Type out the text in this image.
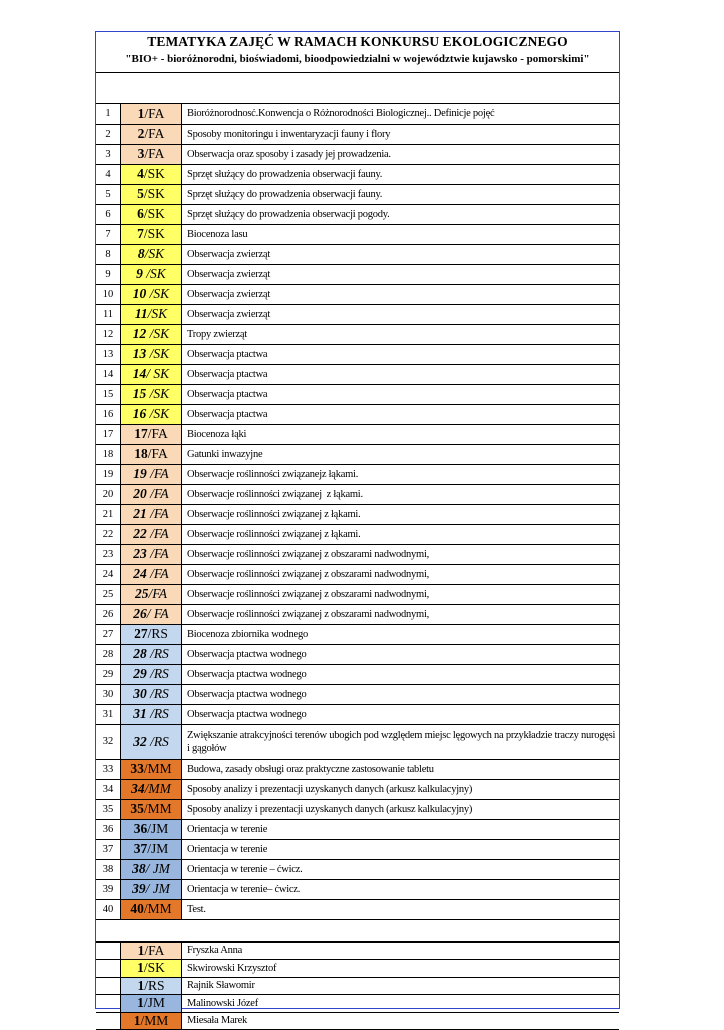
TEMATYKA ZAJĘĆ W RAMACH KONKURSU EKOLOGICZNEGO
"BIO+ - bioróżnorodni, bioświadomi, bioodpowiedzialni w województwie kujawsko - pomorskimi"
1	1/FA	Bioróżnorodnosć.Konwencja o Różnorodności Biologicznej.. Definicje pojęć
2	2/FA	Sposoby monitoringu i inwentaryzacji fauny i flory
3	3/FA	Obserwacja oraz sposoby i zasady jej prowadzenia.
4	4/SK	Sprzęt służący do prowadzenia obserwacji fauny.
5	5/SK	Sprzęt służący do prowadzenia obserwacji fauny.
6	6/SK	Sprzęt służący do prowadzenia obserwacji pogody.
7	7/SK	Biocenoza lasu
8	8/SK	Obserwacja zwierząt
9	9 /SK	Obserwacja zwierząt
10	10 /SK	Obserwacja zwierząt
11	11/SK	Obserwacja zwierząt
12	12 /SK	Tropy zwierząt
13	13 /SK	Obserwacja ptactwa
14	14/ SK	Obserwacja ptactwa
15	15 /SK	Obserwacja ptactwa
16	16 /SK	Obserwacja ptactwa
17	17/FA	Biocenoza łąki
18	18/FA	Gatunki inwazyjne
19	19 /FA	Obserwacje roślinności związanejz łąkami.
20	20 /FA	Obserwacje roślinności związanej  z łąkami.
21	21 /FA	Obserwacje roślinności związanej z łąkami.
22	22 /FA	Obserwacje roślinności związanej z łąkami.
23	23 /FA	Obserwacje roślinności związanej z obszarami nadwodnymi,
24	24 /FA	Obserwacje roślinności związanej z obszarami nadwodnymi,
25	25/FA	Obserwacje roślinności związanej z obszarami nadwodnymi,
26	26/ FA	Obserwacje roślinności związanej z obszarami nadwodnymi,
27	27/RS	Biocenoza zbiornika wodnego
28	28 /RS	Obserwacja ptactwa wodnego
29	29 /RS	Obserwacja ptactwa wodnego
30	30 /RS	Obserwacja ptactwa wodnego
31	31 /RS	Obserwacja ptactwa wodnego
32	32 /RS	Zwiększanie atrakcyjności terenów ubogich pod względem miejsc lęgowych na przykładzie traczy nurogęsi i gągołów
33	33/MM	Budowa, zasady obsługi oraz praktyczne zastosowanie tabletu
34	34/MM	Sposoby analizy i prezentacji uzyskanych danych (arkusz kalkulacyjny)
35	35/MM	Sposoby analizy i prezentacji uzyskanych danych (arkusz kalkulacyjny)
36	36/JM	Orientacja w terenie
37	37/JM	Orientacja w terenie
38	38/ JM	Orientacja w terenie – ćwicz.
39	39/ JM	Orientacja w terenie– ćwicz.
40	40/MM	Test.
	1/FA	Fryszka Anna
	1/SK	Skwirowski Krzysztof
	1/RS	Rajnik Sławomir
	1/JM	Malinowski Józef
	1/MM	Miesała Marek
